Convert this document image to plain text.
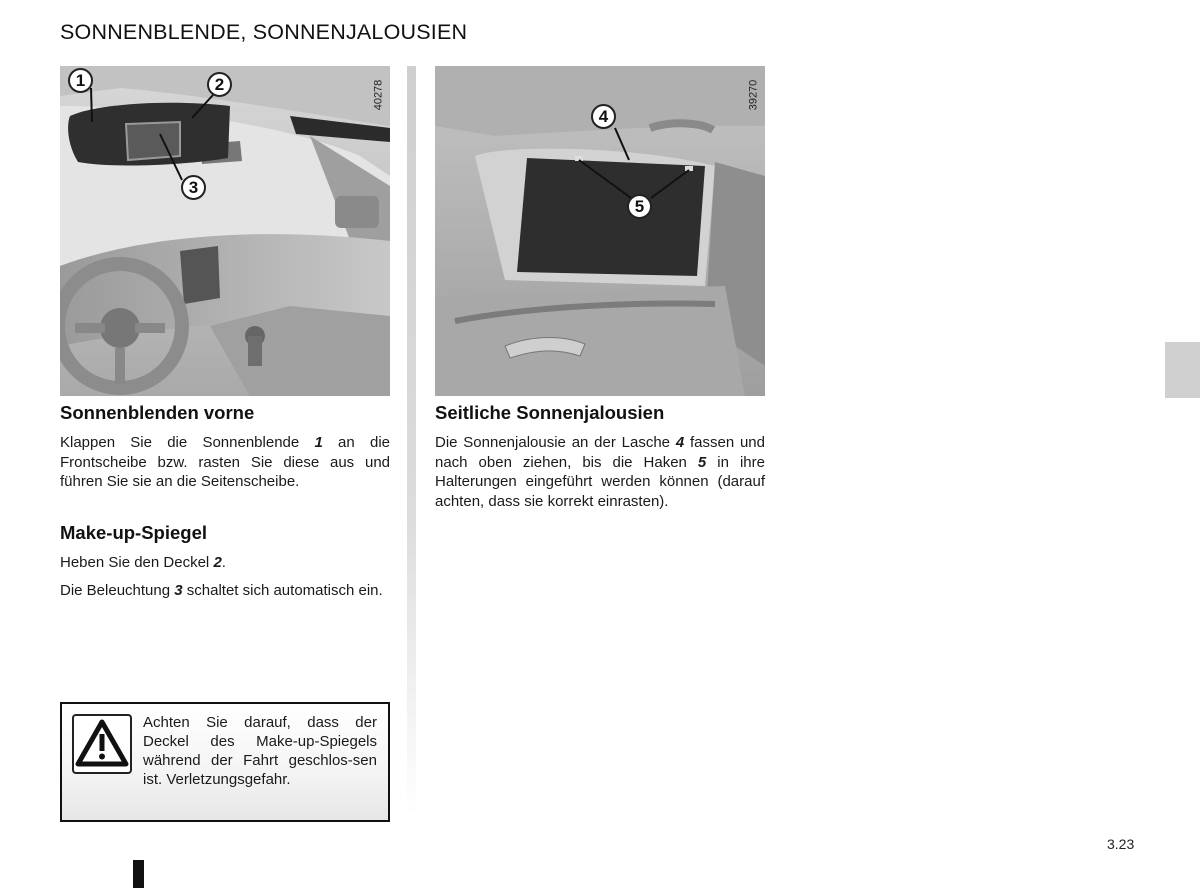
SONNENBLENDE, SONNENJALOUSIEN
1	2
3
40278
4
5
39270
Sonnenblenden vorne

Klappen Sie die Sonnenblende 1 an die Frontscheibe bzw. rasten Sie diese aus und führen Sie sie an die Seitenscheibe.

Make-up-Spiegel

Heben Sie den Deckel 2.

Die Beleuchtung 3 schaltet sich automatisch ein.

Achten Sie darauf, dass der Deckel des Make-up-Spiegels während der Fahrt geschlos-sen ist. Verletzungsgefahr.

Seitliche Sonnenjalousien

Die Sonnenjalousie an der Lasche 4 fassen und nach oben ziehen, bis die Haken 5 in ihre Halterungen eingeführt werden können (darauf achten, dass sie korrekt einrasten).

3.23
